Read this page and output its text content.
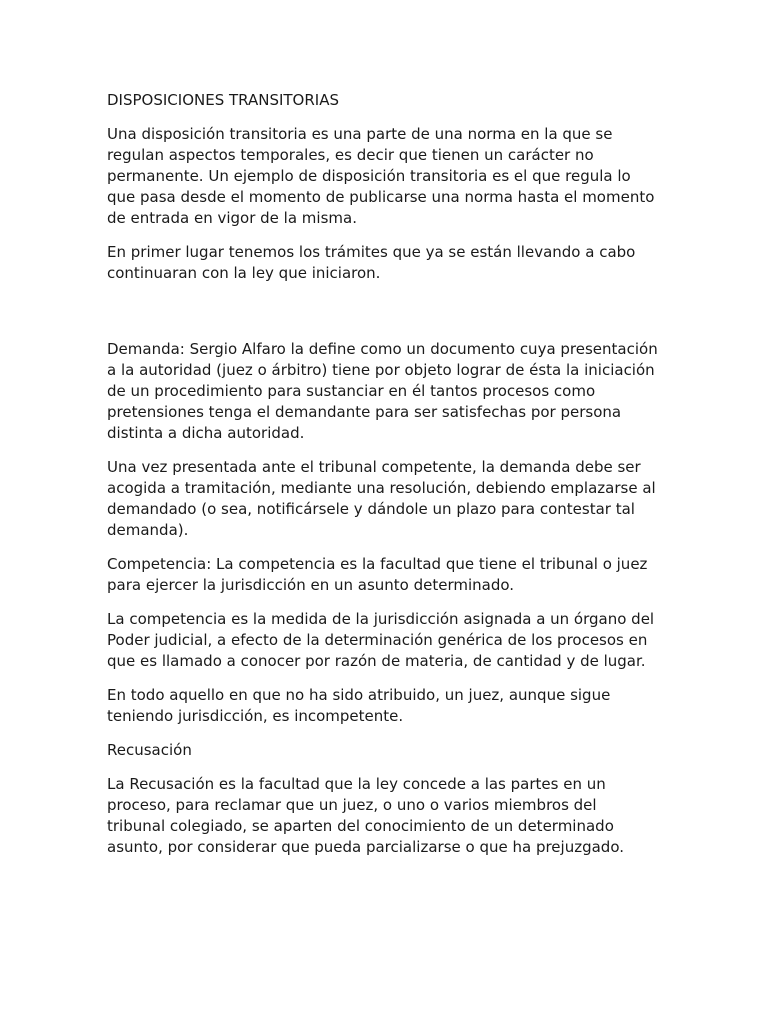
DISPOSICIONES TRANSITORIAS

Una disposición transitoria es una parte de una norma en la que se
regulan aspectos temporales, es decir que tienen un carácter no
permanente. Un ejemplo de disposición transitoria es el que regula lo
que pasa desde el momento de publicarse una norma hasta el momento
de entrada en vigor de la misma.

En primer lugar tenemos los trámites que ya se están llevando a cabo
continuaran con la ley que iniciaron.

Demanda: Sergio Alfaro la define como un documento cuya presentación
a la autoridad (juez o árbitro) tiene por objeto lograr de ésta la iniciación
de un procedimiento para sustanciar en él tantos procesos como
pretensiones tenga el demandante para ser satisfechas por persona
distinta a dicha autoridad.

Una vez presentada ante el tribunal competente, la demanda debe ser
acogida a tramitación, mediante una resolución, debiendo emplazarse al
demandado (o sea, notificársele y dándole un plazo para contestar tal
demanda).

Competencia: La competencia es la facultad que tiene el tribunal o juez
para ejercer la jurisdicción en un asunto determinado.

La competencia es la medida de la jurisdicción asignada a un órgano del
Poder judicial, a efecto de la determinación genérica de los procesos en
que es llamado a conocer por razón de materia, de cantidad y de lugar.

En todo aquello en que no ha sido atribuido, un juez, aunque sigue
teniendo jurisdicción, es incompetente.

Recusación

La Recusación es la facultad que la ley concede a las partes en un
proceso, para reclamar que un juez, o uno o varios miembros del
tribunal colegiado, se aparten del conocimiento de un determinado
asunto, por considerar que pueda parcializarse o que ha prejuzgado.
